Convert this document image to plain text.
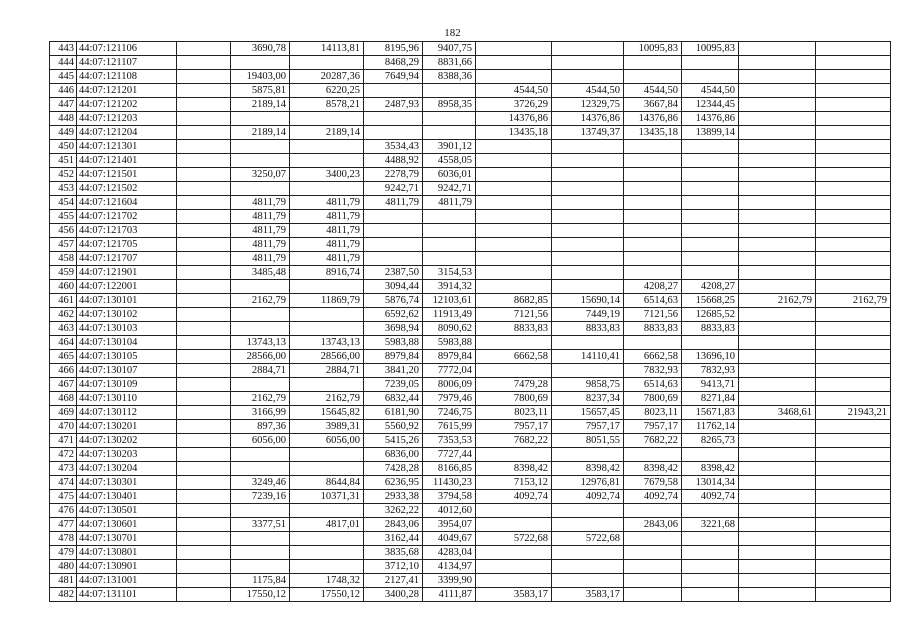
182
443	44:07:121106		3690,78	14113,81	8195,96	9407,75			10095,83	10095,83		
444	44:07:121107				8468,29	8831,66						
445	44:07:121108		19403,00	20287,36	7649,94	8388,36						
446	44:07:121201		5875,81	6220,25			4544,50	4544,50	4544,50	4544,50		
447	44:07:121202		2189,14	8578,21	2487,93	8958,35	3726,29	12329,75	3667,84	12344,45		
448	44:07:121203						14376,86	14376,86	14376,86	14376,86		
449	44:07:121204		2189,14	2189,14			13435,18	13749,37	13435,18	13899,14		
450	44:07:121301				3534,43	3901,12						
451	44:07:121401				4488,92	4558,05						
452	44:07:121501		3250,07	3400,23	2278,79	6036,01						
453	44:07:121502				9242,71	9242,71						
454	44:07:121604		4811,79	4811,79	4811,79	4811,79						
455	44:07:121702		4811,79	4811,79								
456	44:07:121703		4811,79	4811,79								
457	44:07:121705		4811,79	4811,79								
458	44:07:121707		4811,79	4811,79								
459	44:07:121901		3485,48	8916,74	2387,50	3154,53						
460	44:07:122001				3094,44	3914,32			4208,27	4208,27		
461	44:07:130101		2162,79	11869,79	5876,74	12103,61	8682,85	15690,14	6514,63	15668,25	2162,79	2162,79
462	44:07:130102				6592,62	11913,49	7121,56	7449,19	7121,56	12685,52		
463	44:07:130103				3698,94	8090,62	8833,83	8833,83	8833,83	8833,83		
464	44:07:130104		13743,13	13743,13	5983,88	5983,88						
465	44:07:130105		28566,00	28566,00	8979,84	8979,84	6662,58	14110,41	6662,58	13696,10		
466	44:07:130107		2884,71	2884,71	3841,20	7772,04			7832,93	7832,93		
467	44:07:130109				7239,05	8006,09	7479,28	9858,75	6514,63	9413,71		
468	44:07:130110		2162,79	2162,79	6832,44	7979,46	7800,69	8237,34	7800,69	8271,84		
469	44:07:130112		3166,99	15645,82	6181,90	7246,75	8023,11	15657,45	8023,11	15671,83	3468,61	21943,21
470	44:07:130201		897,36	3989,31	5560,92	7615,99	7957,17	7957,17	7957,17	11762,14		
471	44:07:130202		6056,00	6056,00	5415,26	7353,53	7682,22	8051,55	7682,22	8265,73		
472	44:07:130203				6836,00	7727,44						
473	44:07:130204				7428,28	8166,85	8398,42	8398,42	8398,42	8398,42		
474	44:07:130301		3249,46	8644,84	6236,95	11430,23	7153,12	12976,81	7679,58	13014,34		
475	44:07:130401		7239,16	10371,31	2933,38	3794,58	4092,74	4092,74	4092,74	4092,74		
476	44:07:130501				3262,22	4012,60						
477	44:07:130601		3377,51	4817,01	2843,06	3954,07			2843,06	3221,68		
478	44:07:130701				3162,44	4049,67	5722,68	5722,68				
479	44:07:130801				3835,68	4283,04						
480	44:07:130901				3712,10	4134,97						
481	44:07:131001		1175,84	1748,32	2127,41	3399,90						
482	44:07:131101		17550,12	17550,12	3400,28	4111,87	3583,17	3583,17				
